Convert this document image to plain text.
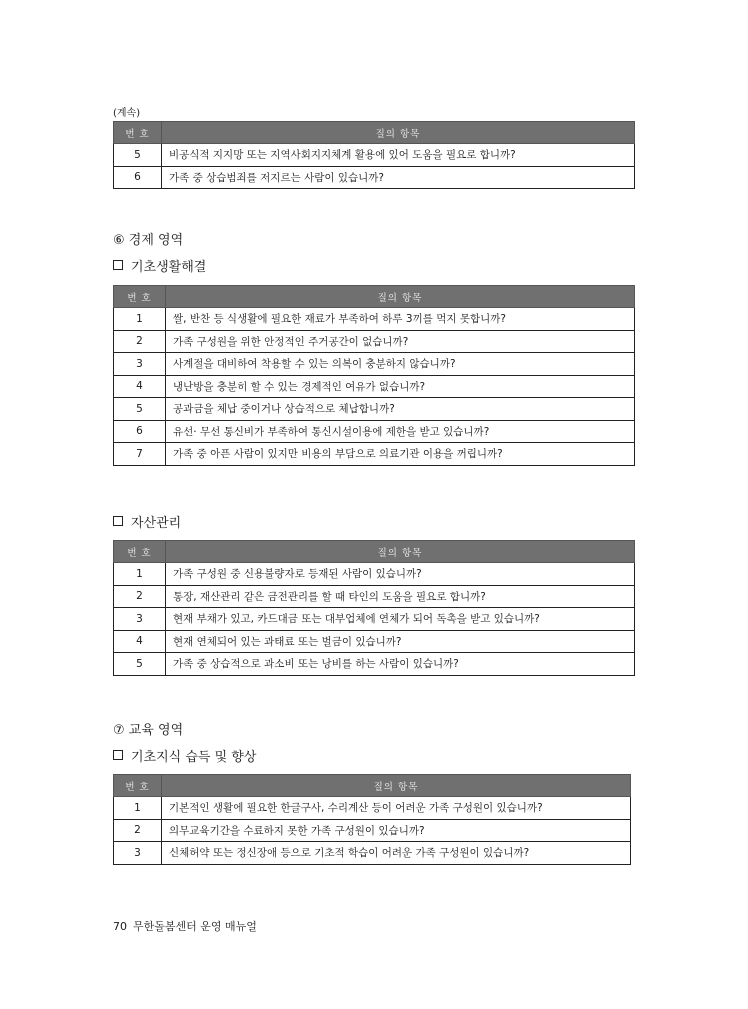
(계속)
번 호	질의 항목
5	비공식적 지지망 또는 지역사회지지체계 활용에 있어 도움을 필요로 합니까?
6	가족 중 상습범죄를 저지르는 사람이 있습니까?
⑥ 경제 영역
기초생활해결
번 호	질의 항목
1	쌀, 반찬 등 식생활에 필요한 재료가 부족하여 하루 3끼를 먹지 못합니까?
2	가족 구성원을 위한 안정적인 주거공간이 없습니까?
3	사계절을 대비하여 착용할 수 있는 의복이 충분하지 않습니까?
4	냉난방을 충분히 할 수 있는 경제적인 여유가 없습니까?
5	공과금을 체납 중이거나 상습적으로 체납합니까?
6	유선· 무선 통신비가 부족하여 통신시설이용에 제한을 받고 있습니까?
7	가족 중 아픈 사람이 있지만 비용의 부담으로 의료기관 이용을 꺼립니까?
자산관리
번 호	질의 항목
1	가족 구성원 중 신용불량자로 등재된 사람이 있습니까?
2	통장, 재산관리 같은 금전관리를 할 때 타인의 도움을 필요로 합니까?
3	현재 부채가 있고, 카드대금 또는 대부업체에 연체가 되어 독촉을 받고 있습니까?
4	현재 연체되어 있는 과태료 또는 벌금이 있습니까?
5	가족 중 상습적으로 과소비 또는 낭비를 하는 사람이 있습니까?
⑦ 교육 영역
기초지식 습득 및 향상
번 호	질의 항목
1	기본적인 생활에 필요한 한글구사, 수리계산 등이 어려운 가족 구성원이 있습니까?
2	의무교육기간을 수료하지 못한 가족 구성원이 있습니까?
3	신체허약 또는 정신장애 등으로 기초적 학습이 어려운 가족 구성원이 있습니까?
70 무한돌봄센터 운영 매뉴얼
